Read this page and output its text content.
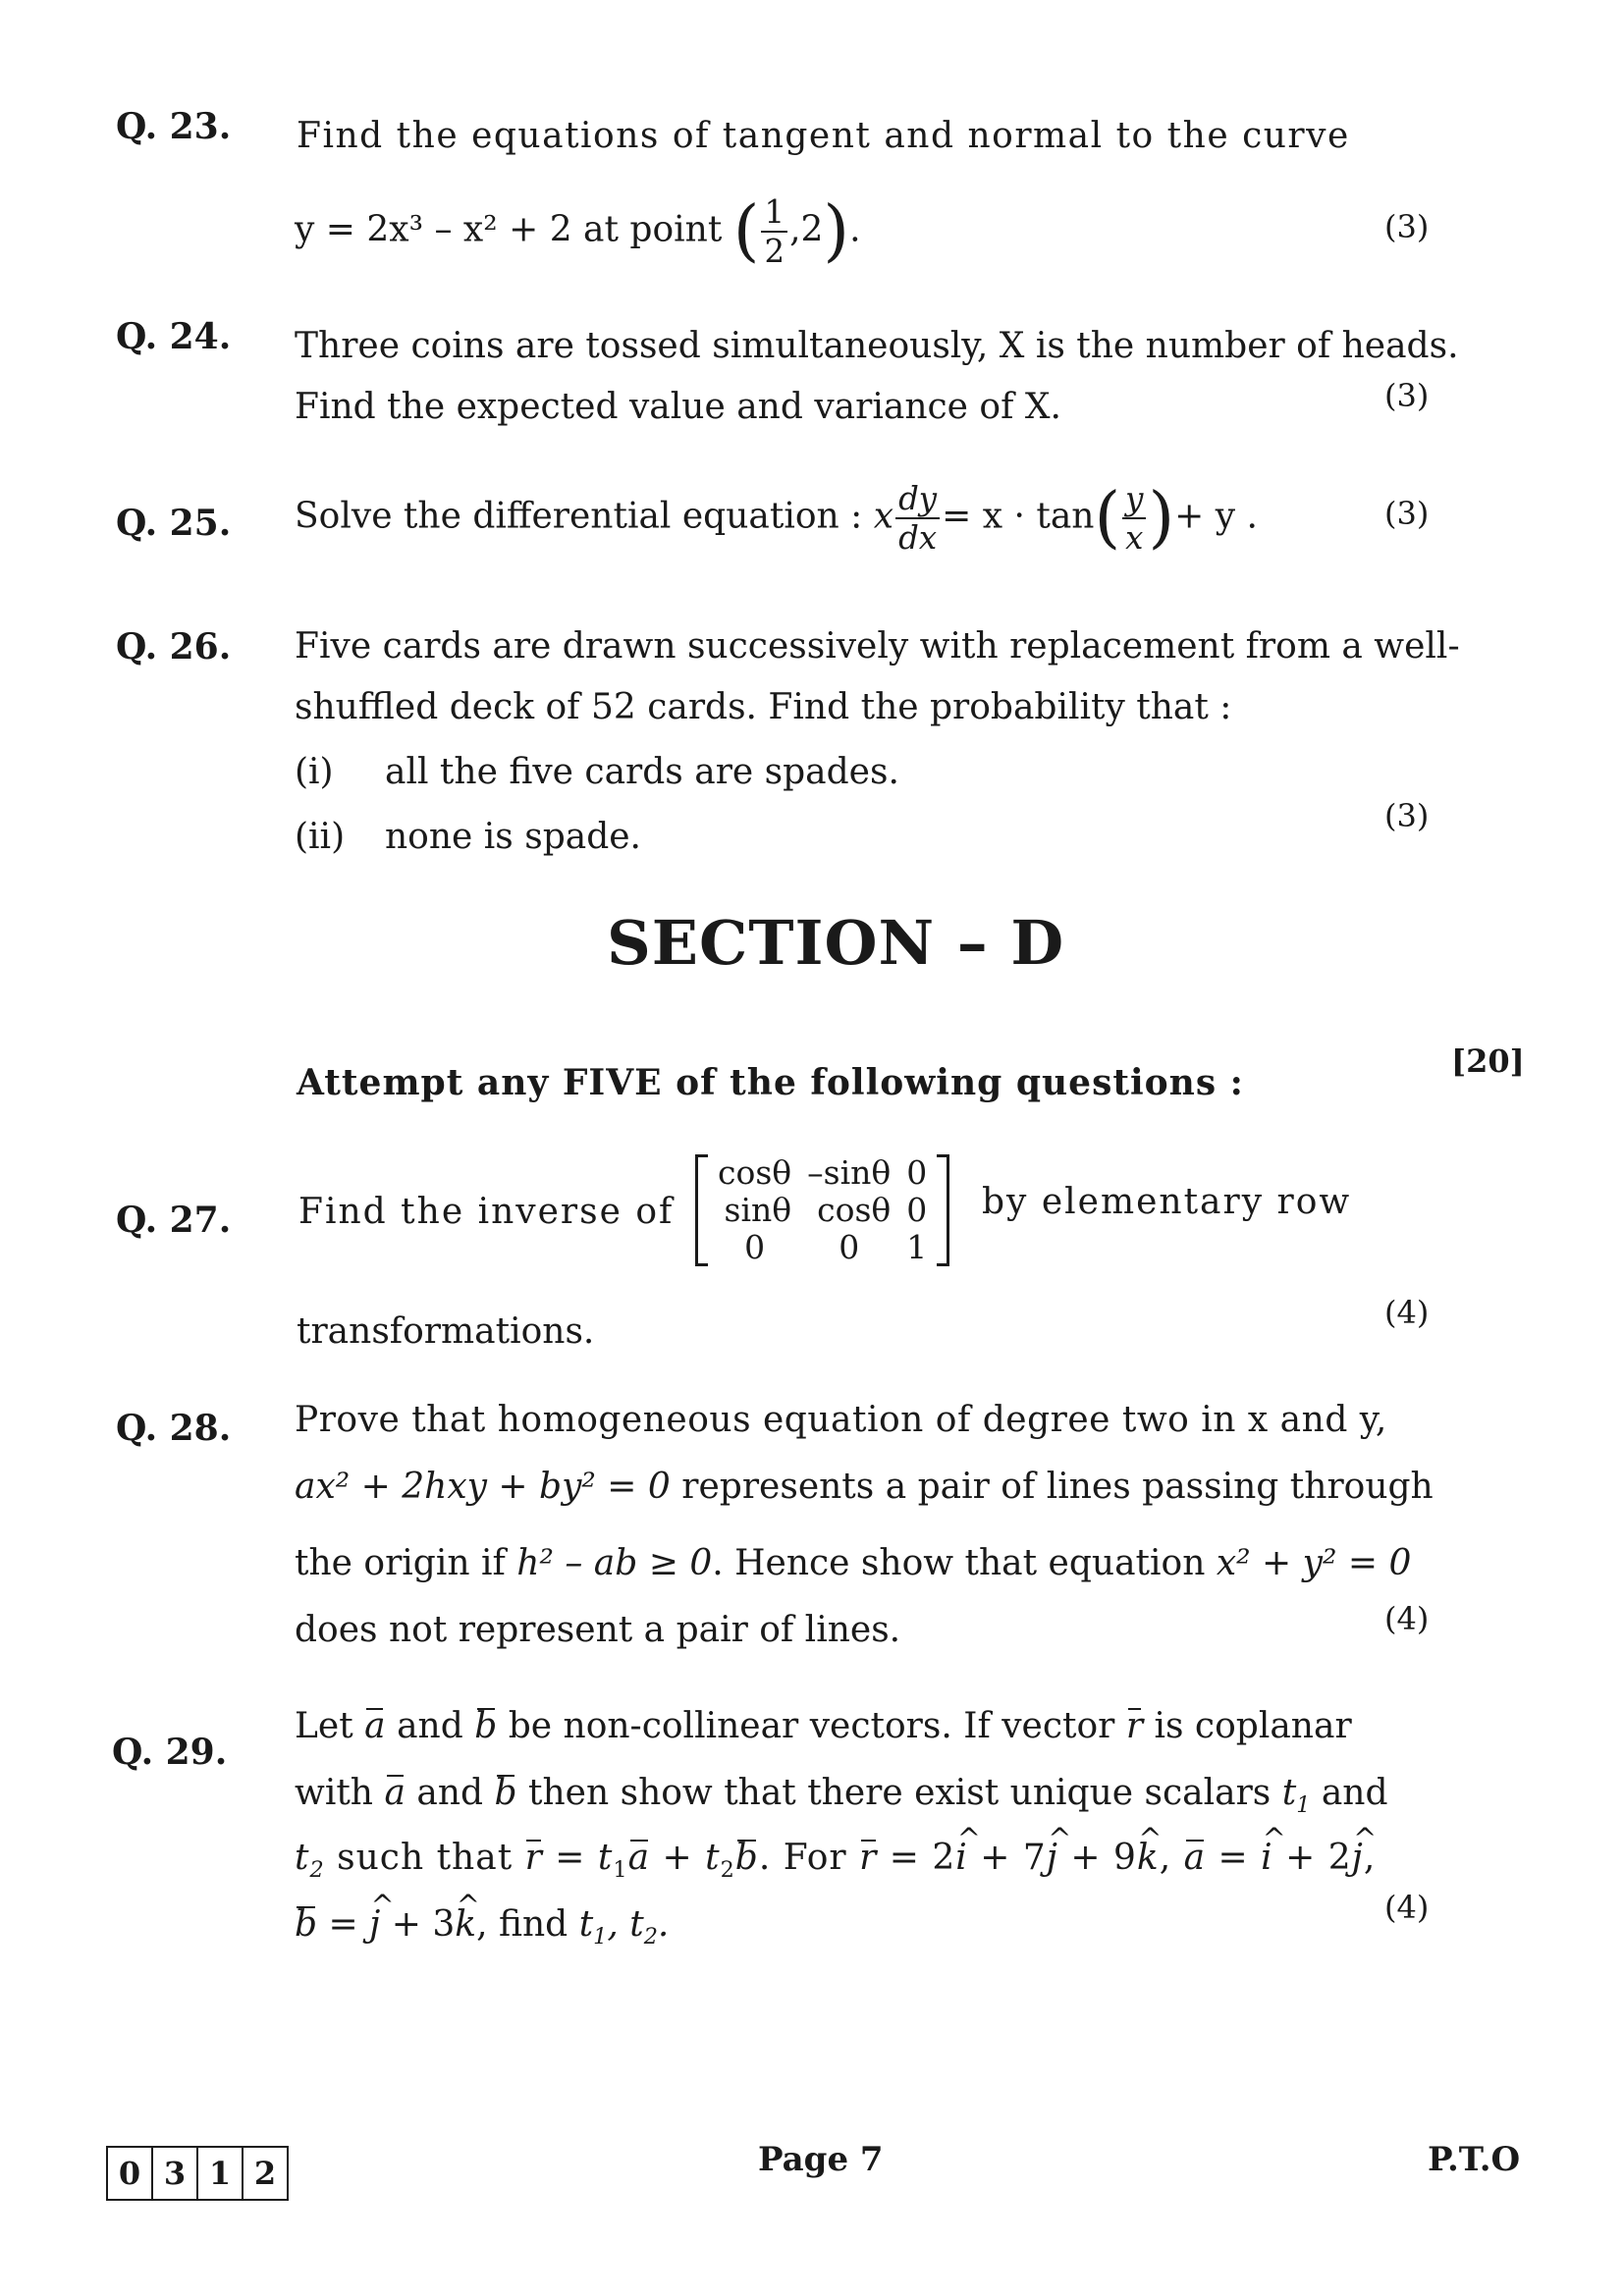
Q. 23. Find the equations of tangent and normal to the curve
y = 2x³ – x² + 2 at point ( $\frac{1}{2} ,2$).	(3)
Q. 24. Three coins are tossed simultaneously, X is the number of heads.
Find the expected value and variance of X.	(3)
Q. 25. Solve the differential equation : x $\frac{dy}{dx} = x \cdot \tan( \frac{y}{x}$ )+ y .	(3)
Q. 26. Five cards are drawn successively with replacement from a well-
shuffled deck of 52 cards. Find the probability that :
(i) all the five cards are spades.
(ii) none is spade.
(3)
SECTION – D
Attempt any FIVE of the following questions :
[20]
Q. 27. Find the inverse of
cosθ	–sinθ	0
sinθ	cosθ	0
0	0	1
by elementary row
transformations.	(4)
Q. 28. Prove that homogeneous equation of degree two in x and y,
ax² + 2hxy + by² = 0 represents a pair of lines passing through
the origin if h² – ab ≥ 0. Hence show that equation x² + y² = 0
does not represent a pair of lines.	(4)
Q. 29.
Let a and b be non-collinear vectors. If vector r is coplanar
with a and b then show that there exist unique scalars $t_1$ and
$t_2$ such that $r = t_1a + t_2b$. For r = 2^ i + 7^ j + 9^ k, a = ^ i + 2^ j,
b = ^ j + 3^ k, find $t_1$, $t_2$.	(4)
0 3 1 2	Page 7	P.T.O
